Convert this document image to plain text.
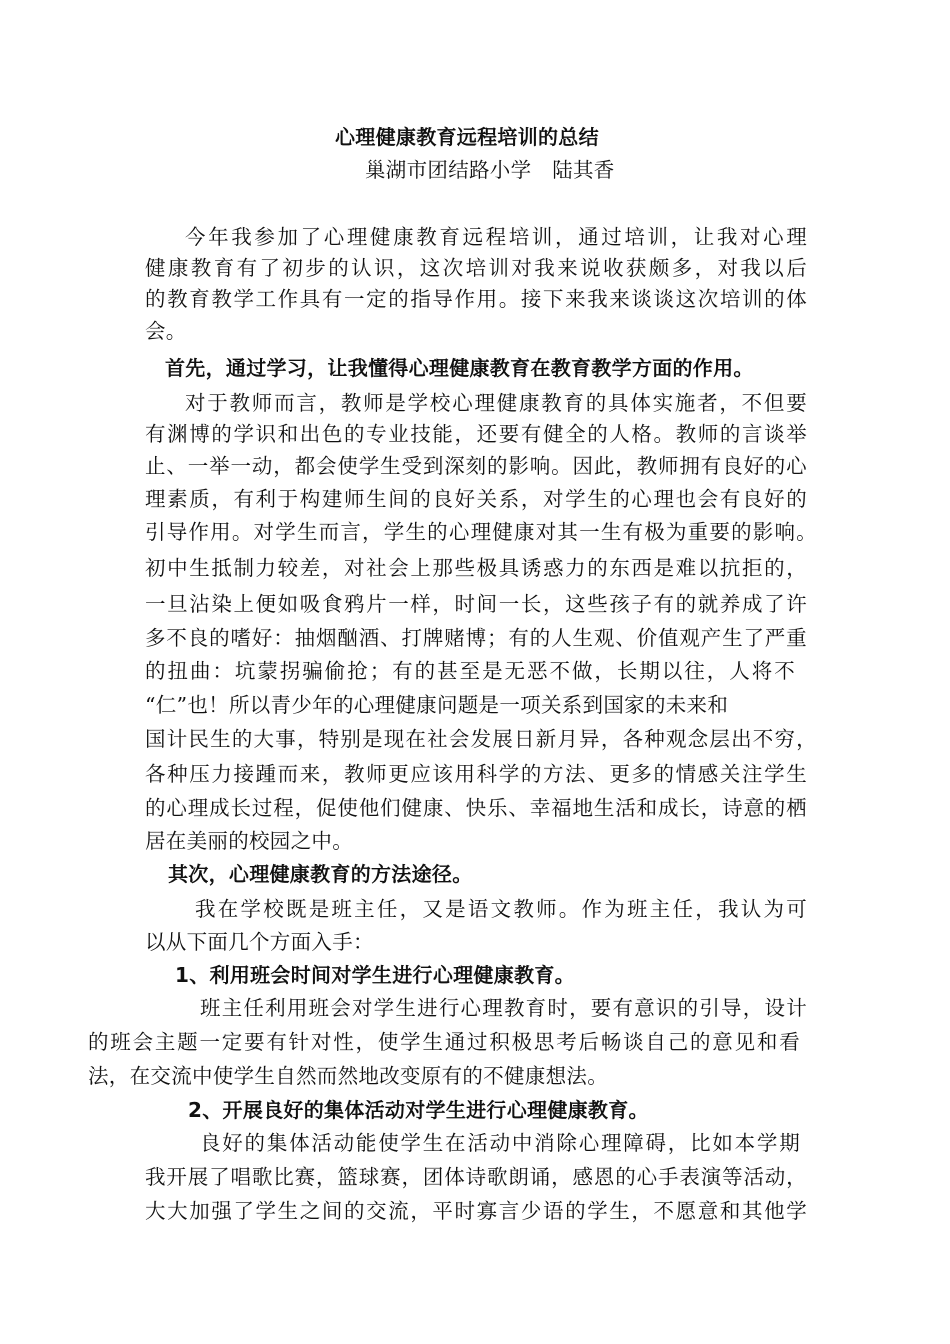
心理健康教育远程培训的总结
巢湖市团结路小学　陆其香
今年我参加了心理健康教育远程培训，通过培训，让我对心理
健康教育有了初步的认识，这次培训对我来说收获颇多，对我以后
的教育教学工作具有一定的指导作用。接下来我来谈谈这次培训的体
会。
首先，通过学习，让我懂得心理健康教育在教育教学方面的作用。
对于教师而言，教师是学校心理健康教育的具体实施者，不但要
有渊博的学识和出色的专业技能，还要有健全的人格。教师的言谈举
止、一举一动，都会使学生受到深刻的影响。因此，教师拥有良好的心
理素质，有利于构建师生间的良好关系，对学生的心理也会有良好的
引导作用。对学生而言，学生的心理健康对其一生有极为重要的影响。
初中生抵制力较差，对社会上那些极具诱惑力的东西是难以抗拒的，
一旦沾染上便如吸食鸦片一样，时间一长，这些孩子有的就养成了许
多不良的嗜好：抽烟酗酒、打牌赌博；有的人生观、价值观产生了严重
的扭曲：坑蒙拐骗偷抢；有的甚至是无恶不做，长期以往，人将不
“仁”也！所以青少年的心理健康问题是一项关系到国家的未来和
国计民生的大事，特别是现在社会发展日新月异，各种观念层出不穷，
各种压力接踵而来，教师更应该用科学的方法、更多的情感关注学生
的心理成长过程，促使他们健康、快乐、幸福地生活和成长，诗意的栖
居在美丽的校园之中。
其次，心理健康教育的方法途径。
我在学校既是班主任，又是语文教师。作为班主任，我认为可
以从下面几个方面入手：
1、利用班会时间对学生进行心理健康教育。
班主任利用班会对学生进行心理教育时，要有意识的引导，设计
的班会主题一定要有针对性，使学生通过积极思考后畅谈自己的意见和看
法，在交流中使学生自然而然地改变原有的不健康想法。
2、开展良好的集体活动对学生进行心理健康教育。
良好的集体活动能使学生在活动中消除心理障碍，比如本学期
我开展了唱歌比赛，篮球赛，团体诗歌朗诵，感恩的心手表演等活动，
大大加强了学生之间的交流，平时寡言少语的学生，不愿意和其他学
